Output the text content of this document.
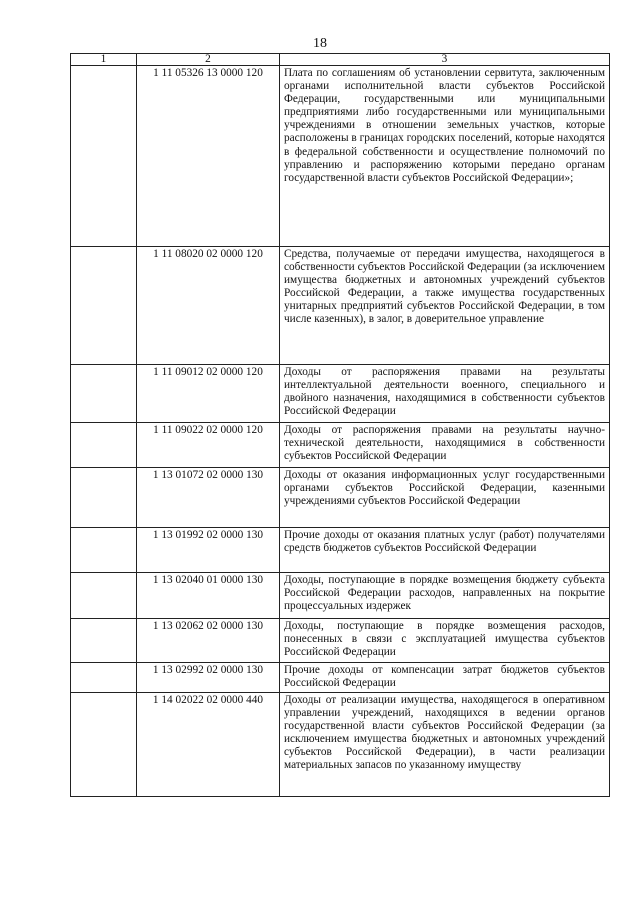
18
1	2	3
	1 11 05326 13 0000 120	Плата по соглашениям об установлении сервитута, заключенным органами исполнительной власти субъектов Российской Федерации, государственными или муниципальными предприятиями либо государственными или муниципальными учреждениями в отношении земельных участков, которые расположены в границах городских поселений, которые находятся в федеральной собственности и осуществление полномочий по управлению и распоряжению которыми передано органам государственной власти субъектов Российской Федерации»;
	1 11 08020 02 0000 120	Средства, получаемые от передачи имущества, находящегося в собственности субъектов Российской Федерации (за исключением имущества бюджетных и автономных учреждений субъектов Российской Федерации, а также имущества государственных унитарных предприятий субъектов Российской Федерации, в том числе казенных), в залог, в доверительное управление
	1 11 09012 02 0000 120	Доходы от распоряжения правами на результаты интеллектуальной деятельности военного, специального и двойного назначения, находящимися в собственности субъектов Российской Федерации
	1 11 09022 02 0000 120	Доходы от распоряжения правами на результаты научно-технической деятельности, находящимися в собственности субъектов Российской Федерации
	1 13 01072 02 0000 130	Доходы от оказания информационных услуг государственными органами субъектов Российской Федерации, казенными учреждениями субъектов Российской Федерации
	1 13 01992 02 0000 130	Прочие доходы от оказания платных услуг (работ) получателями средств бюджетов субъектов Российской Федерации
	1 13 02040 01 0000 130	Доходы, поступающие в порядке возмещения бюджету субъекта Российской Федерации расходов, направленных на покрытие процессуальных издержек
	1 13 02062 02 0000 130	Доходы, поступающие в порядке возмещения расходов, понесенных в связи с эксплуатацией имущества субъектов Российской Федерации
	1 13 02992 02 0000 130	Прочие доходы от компенсации затрат бюджетов субъектов Российской Федерации
	1 14 02022 02 0000 440	Доходы от реализации имущества, находящегося в оперативном управлении учреждений, находящихся в ведении органов государственной власти субъектов Российской Федерации (за исключением имущества бюджетных и автономных учреждений субъектов Российской Федерации), в части реализации материальных запасов по указанному имуществу
